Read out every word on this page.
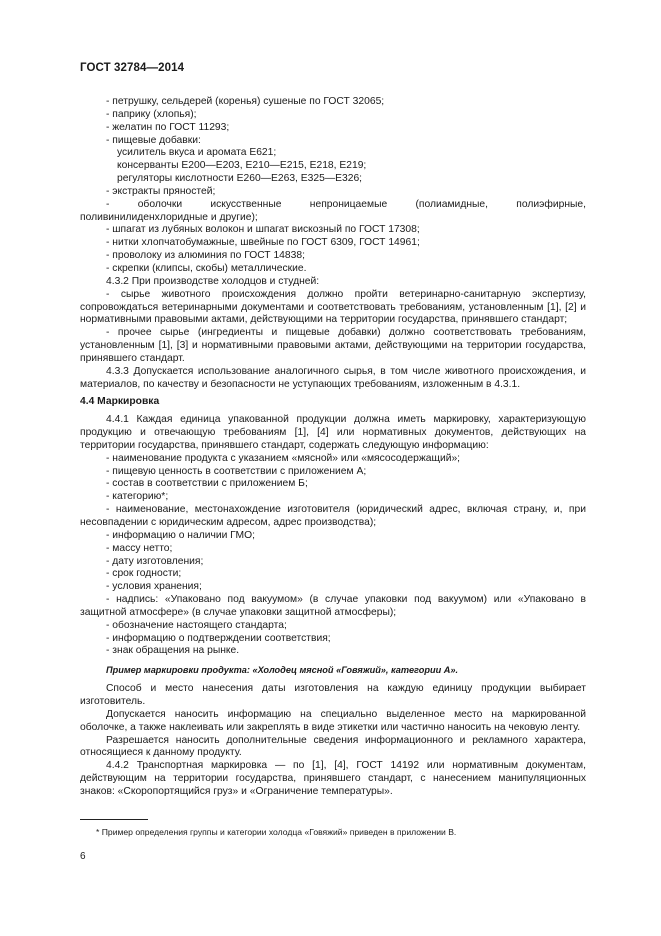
ГОСТ 32784—2014

- петрушку, сельдерей (коренья) сушеные по ГОСТ 32065;

- паприку (хлопья);

- желатин по ГОСТ 11293;

- пищевые добавки:

усилитель вкуса и аромата Е621;

консерванты Е200—Е203, Е210—Е215, Е218, Е219;

регуляторы кислотности Е260—Е263, Е325—Е326;

- экстракты пряностей;

- оболочки искусственные непроницаемые (полиамидные, полиэфирные, поливинилиденхлоридные и другие);

- шпагат из лубяных волокон и шпагат вискозный по ГОСТ 17308;

- нитки хлопчатобумажные, швейные по ГОСТ 6309, ГОСТ 14961;

- проволоку из алюминия по ГОСТ 14838;

- скрепки (клипсы, скобы) металлические.

4.3.2 При производстве холодцов и студней:

- сырье животного происхождения должно пройти ветеринарно-санитарную экспертизу, сопровождаться ветеринарными документами и соответствовать требованиям, установленным [1], [2] и нормативными правовыми актами, действующими на территории государства, принявшего стандарт;

- прочее сырье (ингредиенты и пищевые добавки) должно соответствовать требованиям, установленным [1], [3] и нормативными правовыми актами, действующими на территории государства, принявшего стандарт.

4.3.3 Допускается использование аналогичного сырья, в том числе животного происхождения, и материалов, по качеству и безопасности не уступающих требованиям, изложенным в 4.3.1.

4.4 Маркировка

4.4.1 Каждая единица упакованной продукции должна иметь маркировку, характеризующую продукцию и отвечающую требованиям [1], [4] или нормативных документов, действующих на территории государства, принявшего стандарт, содержать следующую информацию:

- наименование продукта с указанием «мясной» или «мясосодержащий»;

- пищевую ценность в соответствии с приложением А;

- состав в соответствии с приложением Б;

- категорию*;

- наименование, местонахождение изготовителя (юридический адрес, включая страну, и, при несовпадении с юридическим адресом, адрес производства);

- информацию о наличии ГМО;

- массу нетто;

- дату изготовления;

- срок годности;

- условия хранения;

- надпись: «Упаковано под вакуумом» (в случае упаковки под вакуумом) или «Упаковано в защитной атмосфере» (в случае упаковки защитной атмосферы);

- обозначение настоящего стандарта;

- информацию о подтверждении соответствия;

- знак обращения на рынке.

Пример маркировки продукта: «Холодец мясной «Говяжий», категории А».

Способ и место нанесения даты изготовления на каждую единицу продукции выбирает изготовитель.

Допускается наносить информацию на специально выделенное место на маркированной оболочке, а также наклеивать или закреплять в виде этикетки или частично наносить на чековую ленту.

Разрешается наносить дополнительные сведения информационного и рекламного характера, относящиеся к данному продукту.

4.4.2 Транспортная маркировка — по [1], [4], ГОСТ 14192 или нормативным документам, действующим на территории государства, принявшего стандарт, с нанесением манипуляционных знаков: «Скоропортящийся груз» и «Ограничение температуры».

* Пример определения группы и категории холодца «Говяжий» приведен в приложении В.
6
